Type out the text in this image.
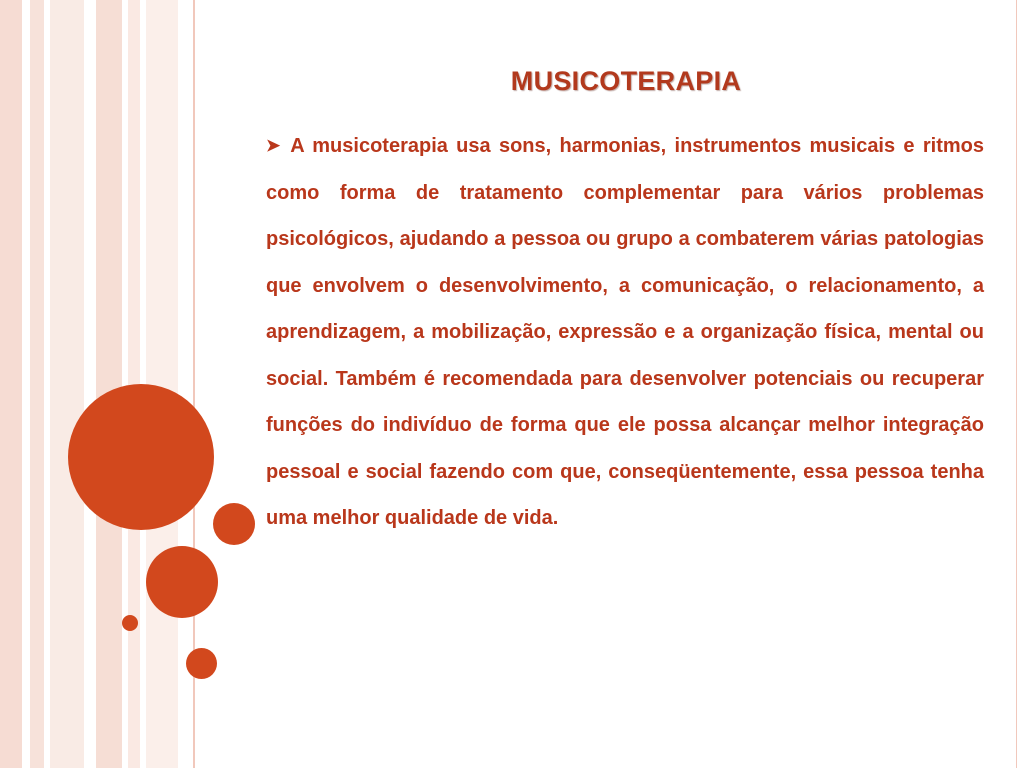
MUSICOTERAPIA
➤ A musicoterapia usa sons, harmonias, instrumentos musicais e ritmos como forma de tratamento complementar para vários problemas psicológicos, ajudando a pessoa ou grupo a combaterem várias patologias que envolvem o desenvolvimento, a comunicação, o relacionamento, a aprendizagem, a mobilização, expressão e a organização física, mental ou social. Também é recomendada para desenvolver potenciais ou recuperar funções do indivíduo de forma que ele possa alcançar melhor integração pessoal e social fazendo com que, conseqüentemente, essa pessoa tenha uma melhor qualidade de vida.
